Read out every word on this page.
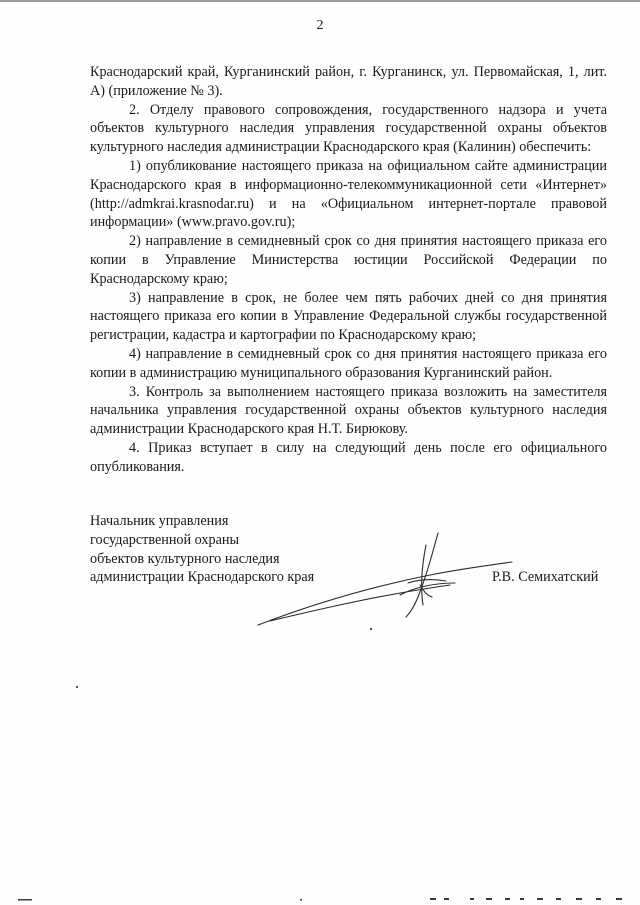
2

Краснодарский край, Курганинский район, г. Курганинск, ул. Первомайская, 1, лит. А) (приложение № 3).

2. Отделу правового сопровождения, государственного надзора и учета объектов культурного наследия управления государственной охраны объектов культурного наследия администрации Краснодарского края (Калинин) обеспечить:

1) опубликование настоящего приказа на официальном сайте администрации Краснодарского края в информационно-телекоммуникационной сети «Интернет» (http://admkrai.krasnodar.ru) и на «Официальном интернет-портале правовой информации» (www.pravo.gov.ru);

2) направление в семидневный срок со дня принятия настоящего приказа его копии в Управление Министерства юстиции Российской Федерации по Краснодарскому краю;

3) направление в срок, не более чем пять рабочих дней со дня принятия настоящего приказа его копии в Управление Федеральной службы государственной регистрации, кадастра и картографии по Краснодарскому краю;

4) направление в семидневный срок со дня принятия настоящего приказа его копии в администрацию муниципального образования Курганинский район.

3. Контроль за выполнением настоящего приказа возложить на заместителя начальника управления государственной охраны объектов культурного наследия администрации Краснодарского края Н.Т. Бирюкову.

4. Приказ вступает в силу на следующий день после его официального опубликования.

Начальник управления
государственной охраны
объектов культурного наследия
администрации Краснодарского края	Р.В. Семихатский
